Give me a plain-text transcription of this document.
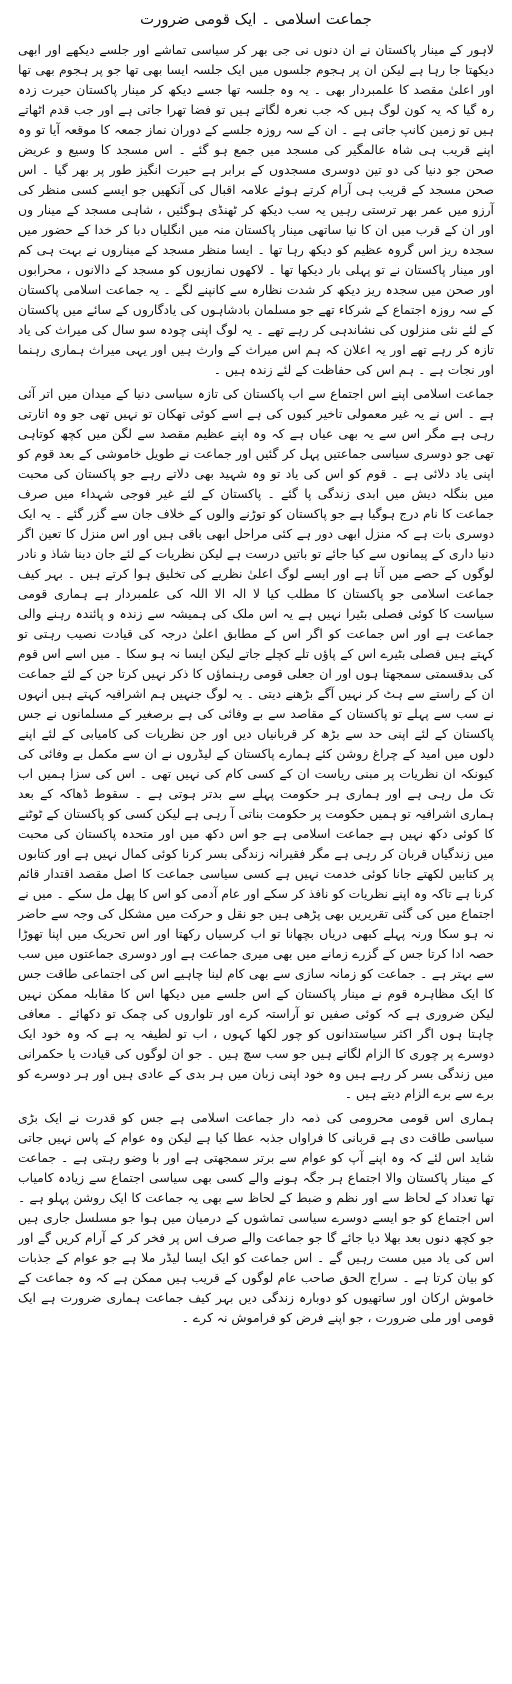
جماعت اسلامی ۔ ایک قومی ضرورت

لاہور کے مینار پاکستان نے ان دنوں نی جی بھر کر سیاسی تماشے اور جلسے دیکھے اور ابھی دیکھتا جا رہا ہے لیکن ان پر ہجوم جلسوں میں ایک جلسہ ایسا بھی تھا جو پر ہجوم بھی تھا اور اعلیٰ مقصد کا علمبردار بھی ۔ یہ وہ جلسہ تھا جسے دیکھ کر مینار پاکستان حیرت زدہ رہ گیا کہ یہ کون لوگ ہیں کہ جب نعرہ لگاتے ہیں تو فضا تھرا جاتی ہے اور جب قدم اٹھاتے ہیں تو زمین کانپ جاتی ہے ۔ ان کے سہ روزہ جلسے کے دوران نماز جمعہ کا موقعہ آیا تو وہ اپنے قریب ہی شاہ عالمگیر کی مسجد میں جمع ہو گئے ۔ اس مسجد کا وسیع و عریض صحن جو دنیا کی دو تین دوسری مسجدوں کے برابر ہے حیرت انگیز طور پر بھر گیا ۔ اس صحن مسجد کے قریب ہی آرام کرتے ہوئے علامہ اقبال کی آنکھیں جو ایسے کسی منظر کی آرزو میں عمر بھر ترستی رہیں یہ سب دیکھ کر ٹھنڈی ہوگئیں ، شاہی مسجد کے مینار وں اور ان کے قرب میں ان کا نیا ساتھی مینار پاکستان منہ میں انگلیاں دبا کر خدا کے حضور میں سجدہ ریز اس گروہ عظیم کو دیکھ رہا تھا ۔ ایسا منظر مسجد کے میناروں نے بہت ہی کم اور مینار پاکستان نے تو پہلی بار دیکھا تھا ۔ لاکھوں نمازیوں کو مسجد کے دالانوں ، محرابوں اور صحن میں سجدہ ریز دیکھ کر شدت نظارہ سے کانپنے لگے ۔ یہ جماعت اسلامی پاکستان کے سہ روزہ اجتماع کے شرکاء تھے جو مسلمان بادشاہوں کی یادگاروں کے سائے میں پاکستان کے لئے نئی منزلوں کی نشاندہی کر رہے تھے ۔ یہ لوگ اپنی چودہ سو سال کی میراث کی یاد تازہ کر رہے تھے اور یہ اعلان کہ ہم اس میراث کے وارث ہیں اور یہی میراث ہماری رہنما اور نجات ہے ۔ ہم اس کی حفاظت کے لئے زندہ ہیں ۔

جماعت اسلامی اپنے اس اجتماع سے اب پاکستان کی تازہ سیاسی دنیا کے میدان میں اتر آئی ہے ۔ اس نے یہ غیر معمولی تاخیر کیوں کی ہے اسے کوئی تھکان تو نہیں تھی جو وہ اتارتی رہی ہے مگر اس سے یہ بھی عیاں ہے کہ وہ اپنے عظیم مقصد سے لگن میں کچھ کوتاہی تھی جو دوسری سیاسی جماعتیں پہل کر گئیں اور جماعت نے طویل خاموشی کے بعد قوم کو اپنی یاد دلائی ہے ۔ قوم کو اس کی یاد تو وہ شہید بھی دلاتے رہے جو پاکستان کی محبت میں بنگلہ دیش میں ابدی زندگی پا گئے ۔ پاکستان کے لئے غیر فوجی شہداء میں صرف جماعت کا نام درج ہوگیا ہے جو پاکستان کو توڑنے والوں کے خلاف جان سے گزر گئے ۔ یہ ایک دوسری بات ہے کہ منزل ابھی دور ہے کئی مراحل ابھی باقی ہیں اور اس منزل کا تعین اگر دنیا داری کے پیمانوں سے کیا جائے تو باتیں درست ہے لیکن نظریات کے لئے جان دینا شاذ و نادر لوگوں کے حصے میں آتا ہے اور ایسے لوگ اعلیٰ نظریے کی تخلیق ہوا کرتے ہیں ۔ بہر کیف جماعت اسلامی جو پاکستان کا مطلب کیا لا الہ الا اللہ کی علمبردار ہے ہماری قومی سیاست کا کوئی فصلی بٹیرا نہیں ہے یہ اس ملک کی ہمیشہ سے زندہ و پائندہ رہنے والی جماعت ہے اور اس جماعت کو اگر اس کے مطابق اعلیٰ درجہ کی قیادت نصیب رہتی تو کہتے ہیں فصلی بٹیرے اس کے پاؤں تلے کچلے جاتے لیکن ایسا نہ ہو سکا ۔ میں اسے اس قوم کی بدقسمتی سمجھتا ہوں اور ان جعلی قومی رہنماؤں کا ذکر نہیں کرتا جن کے لئے جماعت ان کے راستے سے ہٹ کر نہیں آگے بڑھنے دیتی ۔ یہ لوگ جنہیں ہم اشرافیہ کہتے ہیں انہوں نے سب سے پہلے تو پاکستان کے مقاصد سے بے وفائی کی ہے برصغیر کے مسلمانوں نے جس پاکستان کے لئے اپنی حد سے بڑھ کر قربانیاں دیں اور جن نظریات کی کامیابی کے لئے اپنے دلوں میں امید کے چراغ روشن کئے ہمارے پاکستان کے لیڈروں نے ان سے مکمل بے وفائی کی کیونکہ ان نظریات پر مبنی ریاست ان کے کسی کام کی نہیں تھی ۔ اس کی سزا ہمیں اب تک مل رہی ہے اور ہماری ہر حکومت پہلے سے بدتر ہوتی ہے ۔ سقوط ڈھاکہ کے بعد ہماری اشرافیہ تو ہمیں حکومت پر حکومت بناتی آ رہی ہے لیکن کسی کو پاکستان کے ٹوٹنے کا کوئی دکھ نہیں ہے جماعت اسلامی ہے جو اس دکھ میں اور متحدہ پاکستان کی محبت میں زندگیاں قربان کر رہی ہے مگر فقیرانہ زندگی بسر کرنا کوئی کمال نہیں ہے اور کتابوں پر کتابیں لکھتے جانا کوئی خدمت نہیں ہے کسی سیاسی جماعت کا اصل مقصد اقتدار قائم کرنا ہے تاکہ وہ اپنے نظریات کو نافذ کر سکے اور عام آدمی کو اس کا پھل مل سکے ۔ میں نے اجتماع میں کی گئی تقریریں بھی پڑھی ہیں جو نقل و حرکت میں مشکل کی وجہ سے حاضر نہ ہو سکا ورنہ پہلے کبھی دریاں بچھانا تو اب کرسیاں رکھتا اور اس تحریک میں اپنا تھوڑا حصہ ادا کرتا جس کے گزرے زمانے میں بھی میری جماعت ہے اور دوسری جماعتوں میں سب سے بہتر ہے ۔ جماعت کو زمانہ سازی سے بھی کام لینا چاہیے اس کی اجتماعی طاقت جس کا ایک مظاہرہ قوم نے مینار پاکستان کے اس جلسے میں دیکھا اس کا مقابلہ ممکن نہیں لیکن ضروری ہے کہ کوئی صفیں تو آراستہ کرے اور تلواروں کی چمک تو دکھائے ۔ معافی چاہتا ہوں اگر اکثر سیاستدانوں کو چور لکھا کہوں ، اب تو لطیفہ یہ ہے کہ وہ خود ایک دوسرے پر چوری کا الزام لگاتے ہیں جو سب سچ ہیں ۔ جو ان لوگوں کی قیادت یا حکمرانی میں زندگی بسر کر رہے ہیں وہ خود اپنی زبان میں ہر بدی کے عادی ہیں اور ہر دوسرے کو برے سے برے الزام دیتے ہیں ۔

ہماری اس قومی محرومی کی ذمہ دار جماعت اسلامی ہے جس کو قدرت نے ایک بڑی سیاسی طاقت دی ہے قربانی کا فراواں جذبہ عطا کیا ہے لیکن وہ عوام کے پاس نہیں جاتی شاید اس لئے کہ وہ اپنے آپ کو عوام سے برتر سمجھتی ہے اور با وضو رہتی ہے ۔ جماعت کے مینار پاکستان والا اجتماع ہر جگہ ہونے والے کسی بھی سیاسی اجتماع سے زیادہ کامیاب تھا تعداد کے لحاظ سے اور نظم و ضبط کے لحاظ سے بھی یہ جماعت کا ایک روشن پہلو ہے ۔ اس اجتماع کو جو ایسے دوسرے سیاسی تماشوں کے درمیان میں ہوا جو مسلسل جاری ہیں جو کچھ دنوں بعد بھلا دیا جائے گا جو جماعت والے صرف اس پر فخر کر کے آرام کریں گے اور اس کی یاد میں مست رہیں گے ۔ اس جماعت کو ایک ایسا لیڈر ملا ہے جو عوام کے جذبات کو بیان کرتا ہے ۔ سراج الحق صاحب عام لوگوں کے قریب ہیں ممکن ہے کہ وہ جماعت کے خاموش ارکان اور ساتھیوں کو دوبارہ زندگی دیں بہر کیف جماعت ہماری ضرورت ہے ایک قومی اور ملی ضرورت ، جو اپنے فرض کو فراموش نہ کرے ۔
